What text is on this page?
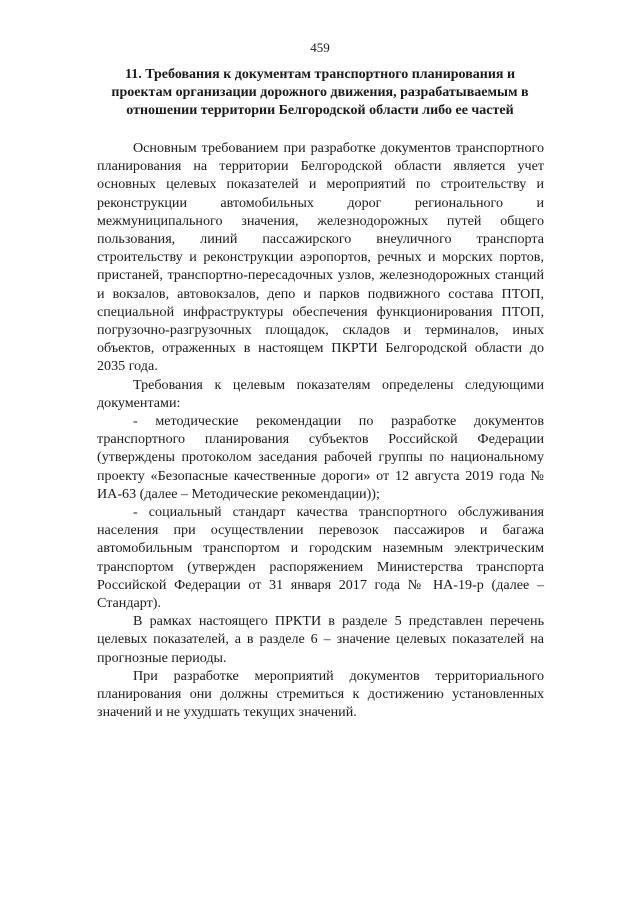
459
11. Требования к документам транспортного планирования и проектам организации дорожного движения, разрабатываемым в отношении территории Белгородской области либо ее частей

Основным требованием при разработке документов транспортного планирования на территории Белгородской области является учет основных целевых показателей и мероприятий по строительству и реконструкции автомобильных дорог регионального и межмуниципального значения, железнодорожных путей общего пользования, линий пассажирского внеуличного транспорта строительству и реконструкции аэропортов, речных и морских портов, пристаней, транспортно-пересадочных узлов, железнодорожных станций и вокзалов, автовокзалов, депо и парков подвижного состава ПТОП, специальной инфраструктуры обеспечения функционирования ПТОП, погрузочно-разгрузочных площадок, складов и терминалов, иных объектов, отраженных в настоящем ПКРТИ Белгородской области до 2035 года.

Требования к целевым показателям определены следующими документами:

- методические рекомендации по разработке документов транспортного планирования субъектов Российской Федерации (утверждены протоколом заседания рабочей группы по национальному проекту «Безопасные качественные дороги» от 12 августа 2019 года № ИА-63 (далее – Методические рекомендации));

- социальный стандарт качества транспортного обслуживания населения при осуществлении перевозок пассажиров и багажа автомобильным транспортом и городским наземным электрическим транспортом (утвержден распоряжением Министерства транспорта Российской Федерации от 31 января 2017 года № НА-19-р (далее – Стандарт).

В рамках настоящего ПРКТИ в разделе 5 представлен перечень целевых показателей, а в разделе 6 – значение целевых показателей на прогнозные периоды.

При разработке мероприятий документов территориального планирования они должны стремиться к достижению установленных значений и не ухудшать текущих значений.
